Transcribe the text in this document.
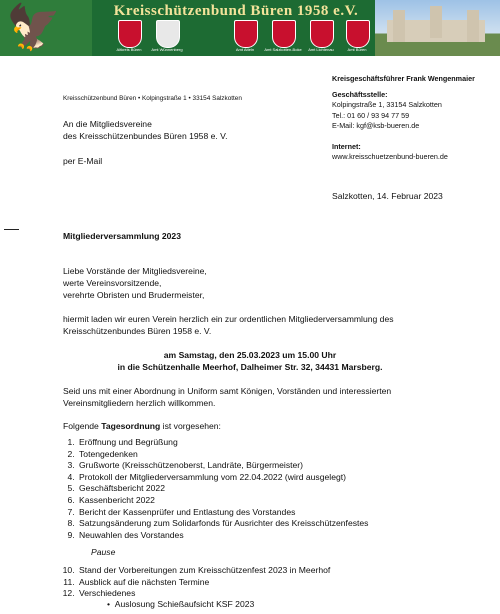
🦅	Kreisschützenbund Büren 1958 e.V.
Altkreis Büren	Amt Wünnenberg	Amt Atteln	Amt Salzkotten-Boke	Amt Lichtenau	Amt Büren
Kreisschützenbund Büren • Kolpingstraße 1 • 33154 Salzkotten
An die Mitgliedsvereine
des Kreisschützenbundes Büren 1958 e. V.
per E-Mail
Kreisgeschäftsführer Frank Wengenmaier
Geschäftsstelle:
Kolpingstraße 1, 33154 Salzkotten
Tel.: 01 60 / 93 94 77 59
E-Mail: kgf@ksb-bueren.de
Internet:
www.kreisschuetzenbund-bueren.de
Salzkotten, 14. Februar 2023
Mitgliederversammlung 2023
Liebe Vorstände der Mitgliedsvereine,
werte Vereinsvorsitzende,
verehrte Obristen und Brudermeister,
hiermit laden wir euren Verein herzlich ein zur ordentlichen Mitgliederversammlung des
Kreisschützenbundes Büren 1958 e. V.
am Samstag, den 25.03.2023 um 15.00 Uhr
in die Schützenhalle Meerhof, Dalheimer Str. 32, 34431 Marsberg.
Seid uns mit einer Abordnung in Uniform samt Königen, Vorständen und interessierten
Vereinsmitgliedern herzlich willkommen.
Folgende Tagesordnung ist vorgesehen:
1. Eröffnung und Begrüßung
2. Totengedenken
3. Grußworte (Kreisschützenoberst, Landräte, Bürgermeister)
4. Protokoll der Mitgliederversammlung vom 22.04.2022 (wird ausgelegt)
5. Geschäftsbericht 2022
6. Kassenbericht 2022
7. Bericht der Kassenprüfer und Entlastung des Vorstandes
8. Satzungsänderung zum Solidarfonds für Ausrichter des Kreisschützenfestes
9. Neuwahlen des Vorstandes
Pause
10. Stand der Vorbereitungen zum Kreisschützenfest 2023 in Meerhof
11. Ausblick auf die nächsten Termine
12. Verschiedenes
•  Auslosung Schießaufsicht KSF 2023
